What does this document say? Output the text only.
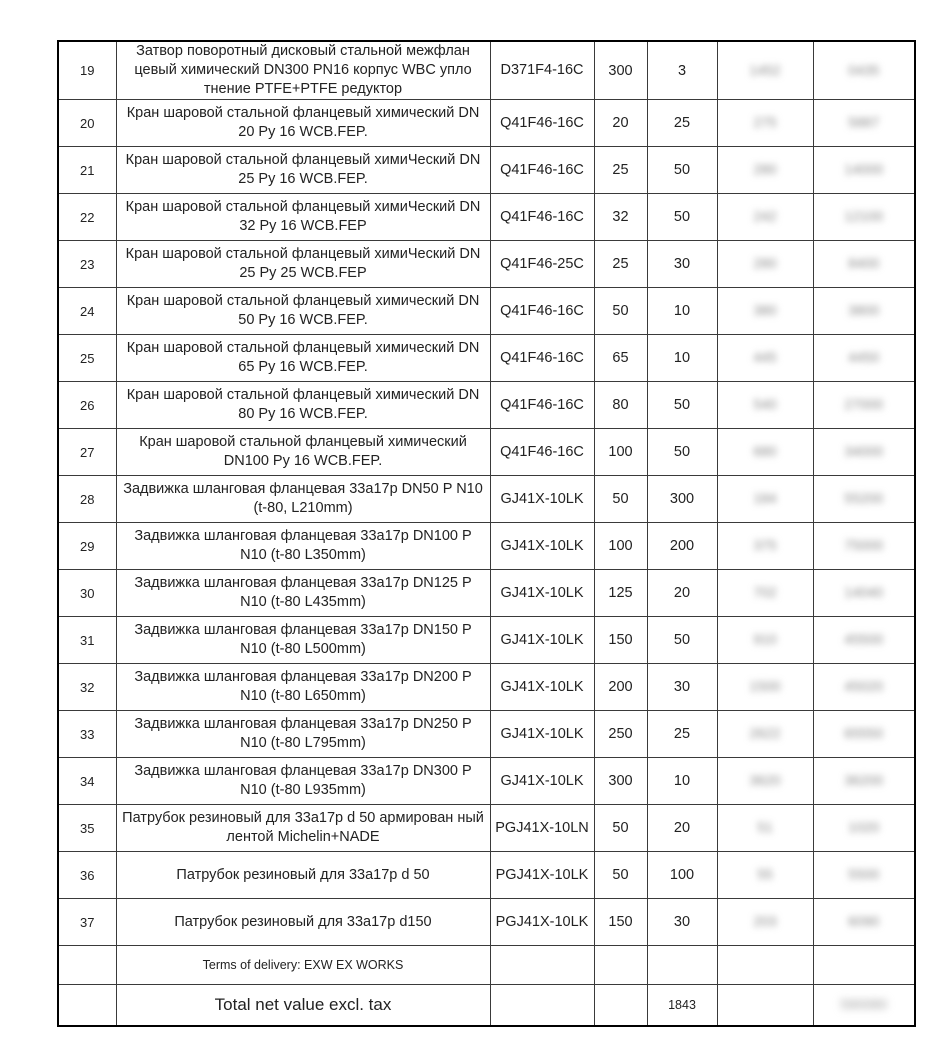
19	Затвор поворотный дисковый стальной межфлан цевый химический DN300 PN16 корпус WBC упло тнение PTFE+PTFE редуктор	D371F4-16C	300	3	1452	0435
20	Кран шаровой стальной фланцевый химический DN 20 Py 16 WCB.FEP.	Q41F46-16C	20	25	275	5887
21	Кран шаровой стальной фланцевый химиЧеский DN 25 Py 16 WCB.FEP.	Q41F46-16C	25	50	280	14000
22	Кран шаровой стальной фланцевый химиЧеский DN 32 Py 16 WCB.FEP	Q41F46-16C	32	50	242	12100
23	Кран шаровой стальной фланцевый химиЧеский DN 25 Py 25 WCB.FEP	Q41F46-25C	25	30	280	8400
24	Кран шаровой стальной фланцевый химический DN 50 Py 16 WCB.FEP.	Q41F46-16C	50	10	380	3800
25	Кран шаровой стальной фланцевый химический DN 65 Py 16 WCB.FEP.	Q41F46-16C	65	10	445	4450
26	Кран шаровой стальной фланцевый химический DN 80 Py 16 WCB.FEP.	Q41F46-16C	80	50	540	27000
27	Кран шаровой стальной фланцевый химический DN100 Py 16 WCB.FEP.	Q41F46-16C	100	50	680	34000
28	Задвижка шланговая фланцевая 33а17р DN50 P N10 (t-80, L210mm)	GJ41X-10LK	50	300	184	55200
29	Задвижка шланговая фланцевая 33а17р DN100 P N10 (t-80 L350mm)	GJ41X-10LK	100	200	375	75000
30	Задвижка шланговая фланцевая 33а17р DN125 P N10 (t-80 L435mm)	GJ41X-10LK	125	20	702	14040
31	Задвижка шланговая фланцевая 33а17р DN150 P N10 (t-80 L500mm)	GJ41X-10LK	150	50	910	45500
32	Задвижка шланговая фланцевая 33а17р DN200 P N10 (t-80 L650mm)	GJ41X-10LK	200	30	1500	45020
33	Задвижка шланговая фланцевая 33а17р DN250 P N10 (t-80 L795mm)	GJ41X-10LK	250	25	2622	65550
34	Задвижка шланговая фланцевая 33а17р DN300 P N10 (t-80 L935mm)	GJ41X-10LK	300	10	3620	36200
35	Патрубок резиновый для 33а17р d 50 армирован ный лентой Michelin+NADE	PGJ41X-10LN	50	20	51	1020
36	Патрубок резиновый для 33а17р d 50	PGJ41X-10LK	50	100	55	5500
37	Патрубок резиновый для 33а17р d150	PGJ41X-10LK	150	30	203	6090
	Terms of delivery: EXW EX WORKS					
	Total net value excl. tax			1843		590080
